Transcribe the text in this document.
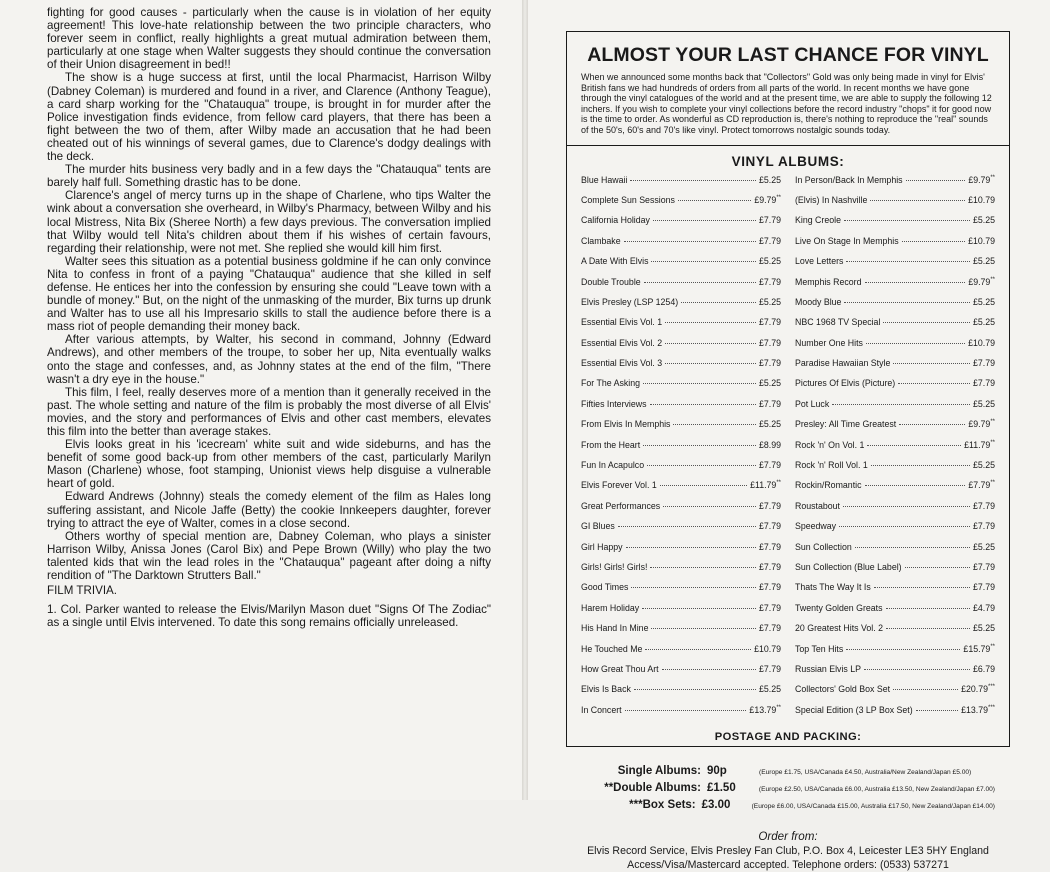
fighting for good causes - particularly when the cause is in violation of her equity agreement! This love-hate relationship between the two principle characters, who forever seem in conflict, really highlights a great mutual admiration between them, particularly at one stage when Walter suggests they should continue the conversation of their Union disagreement in bed!!

The show is a huge success at first, until the local Pharmacist, Harrison Wilby (Dabney Coleman) is murdered and found in a river, and Clarence (Anthony Teague), a card sharp working for the "Chatauqua" troupe, is brought in for murder after the Police investigation finds evidence, from fellow card players, that there has been a fight between the two of them, after Wilby made an accusation that he had been cheated out of his winnings of several games, due to Clarence's dodgy dealings with the deck.

The murder hits business very badly and in a few days the "Chatauqua" tents are barely half full. Something drastic has to be done.

Clarence's angel of mercy turns up in the shape of Charlene, who tips Walter the wink about a conversation she overheard, in Wilby's Pharmacy, between Wilby and his local Mistress, Nita Bix (Sheree North) a few days previous. The conversation implied that Wilby would tell Nita's children about them if his wishes of certain favours, regarding their relationship, were not met. She replied she would kill him first.

Walter sees this situation as a potential business goldmine if he can only convince Nita to confess in front of a paying "Chatauqua" audience that she killed in self defense. He entices her into the confession by ensuring she could "Leave town with a bundle of money." But, on the night of the unmasking of the murder, Bix turns up drunk and Walter has to use all his Impresario skills to stall the audience before there is a mass riot of people demanding their money back.

After various attempts, by Walter, his second in command, Johnny (Edward Andrews), and other members of the troupe, to sober her up, Nita eventually walks onto the stage and confesses, and, as Johnny states at the end of the film, "There wasn't a dry eye in the house."

This film, I feel, really deserves more of a mention than it generally received in the past. The whole setting and nature of the film is probably the most diverse of all Elvis' movies, and the story and performances of Elvis and other cast members, elevates this film into the better than average stakes.

Elvis looks great in his 'icecream' white suit and wide sideburns, and has the benefit of some good back-up from other members of the cast, particularly Marilyn Mason (Charlene) whose, foot stamping, Unionist views help disguise a vulnerable heart of gold.

Edward Andrews (Johnny) steals the comedy element of the film as Hales long suffering assistant, and Nicole Jaffe (Betty) the cookie Innkeepers daughter, forever trying to attract the eye of Walter, comes in a close second.

Others worthy of special mention are, Dabney Coleman, who plays a sinister Harrison Wilby, Anissa Jones (Carol Bix) and Pepe Brown (Willy) who play the two talented kids that win the lead roles in the "Chatauqua" pageant after doing a nifty rendition of "The Darktown Strutters Ball."

FILM TRIVIA.

1. Col. Parker wanted to release the Elvis/Marilyn Mason duet "Signs Of The Zodiac" as a single until Elvis intervened. To date this song remains officially unreleased.

ALMOST YOUR LAST CHANCE FOR VINYL

When we announced some months back that "Collectors" Gold was only being made in vinyl for Elvis' British fans we had hundreds of orders from all parts of the world. In recent months we have gone through the vinyl catalogues of the world and at the present time, we are able to supply the following 12 inchers. If you wish to complete your vinyl collections before the record industry "chops" it for good now is the time to order. As wonderful as CD reproduction is, there's nothing to reproduce the "real" sounds of the 50's, 60's and 70's like vinyl. Protect tomorrows nostalgic sounds today.

VINYL ALBUMS:
Blue Hawaii	£5.25
Complete Sun Sessions	£9.79**
California Holiday	£7.79
Clambake	£7.79
A Date With Elvis	£5.25
Double Trouble	£7.79
Elvis Presley (LSP 1254)	£5.25
Essential Elvis Vol. 1	£7.79
Essential Elvis Vol. 2	£7.79
Essential Elvis Vol. 3	£7.79
For The Asking	£5.25
Fifties Interviews	£7.79
From Elvis In Memphis	£5.25
From the Heart	£8.99
Fun In Acapulco	£7.79
Elvis Forever Vol. 1	£11.79**
Great Performances	£7.79
GI Blues	£7.79
Girl Happy	£7.79
Girls! Girls! Girls!	£7.79
Good Times	£7.79
Harem Holiday	£7.79
His Hand In Mine	£7.79
He Touched Me	£10.79
How Great Thou Art	£7.79
Elvis Is Back	£5.25
In Concert	£13.79**
In Person/Back In Memphis	£9.79**
(Elvis) In Nashville	£10.79
King Creole	£5.25
Live On Stage In Memphis	£10.79
Love Letters	£5.25
Memphis Record	£9.79**
Moody Blue	£5.25
NBC 1968 TV Special	£5.25
Number One Hits	£10.79
Paradise Hawaiian Style	£7.79
Pictures Of Elvis (Picture)	£7.79
Pot Luck	£5.25
Presley: All Time Greatest	£9.79**
Rock 'n' On Vol. 1	£11.79**
Rock 'n' Roll Vol. 1	£5.25
Rockin/Romantic	£7.79**
Roustabout	£7.79
Speedway	£7.79
Sun Collection	£5.25
Sun Collection (Blue Label)	£7.79
Thats The Way It Is	£7.79
Twenty Golden Greats	£4.79
20 Greatest Hits Vol. 2	£5.25
Top Ten Hits	£15.79**
Russian Elvis LP	£6.79
Collectors' Gold Box Set	£20.79***
Special Edition (3 LP Box Set)	£13.79***
POSTAGE AND PACKING:
Single Albums: 90p	(Europe £1.75, USA/Canada £4.50, Australia/New Zealand/Japan £5.00)
**Double Albums: £1.50	(Europe £2.50, USA/Canada £6.00, Australia £13.50, New Zealand/Japan £7.00)
***Box Sets: £3.00	(Europe £6.00, USA/Canada £15.00, Australia £17.50, New Zealand/Japan £14.00)
Order from:
Elvis Record Service, Elvis Presley Fan Club, P.O. Box 4, Leicester LE3 5HY England
Access/Visa/Mastercard accepted. Telephone orders: (0533) 537271
